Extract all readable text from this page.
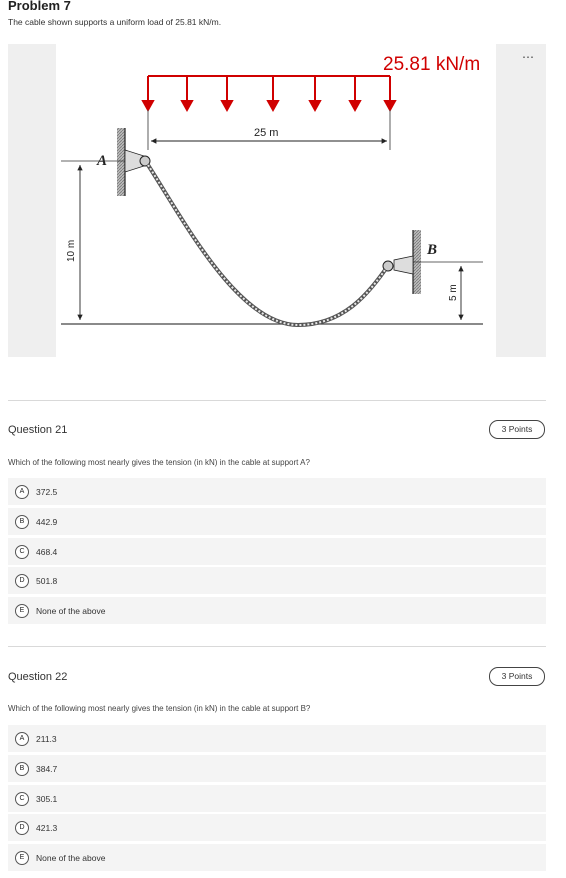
Problem 7
The cable shown supports a uniform load of 25.81 kN/m.
25.81 kN/m
25 m
A
10 m	B
5 m
⋯
Question 21	3 Points
Which of the following most nearly gives the tension (in kN) in the cable at support A?
A	372.5
B	442.9
C	468.4
D	501.8
E	None of the above
Question 22	3 Points
Which of the following most nearly gives the tension (in kN) in the cable at support B?
A	211.3
B	384.7
C	305.1
D	421.3
E	None of the above
